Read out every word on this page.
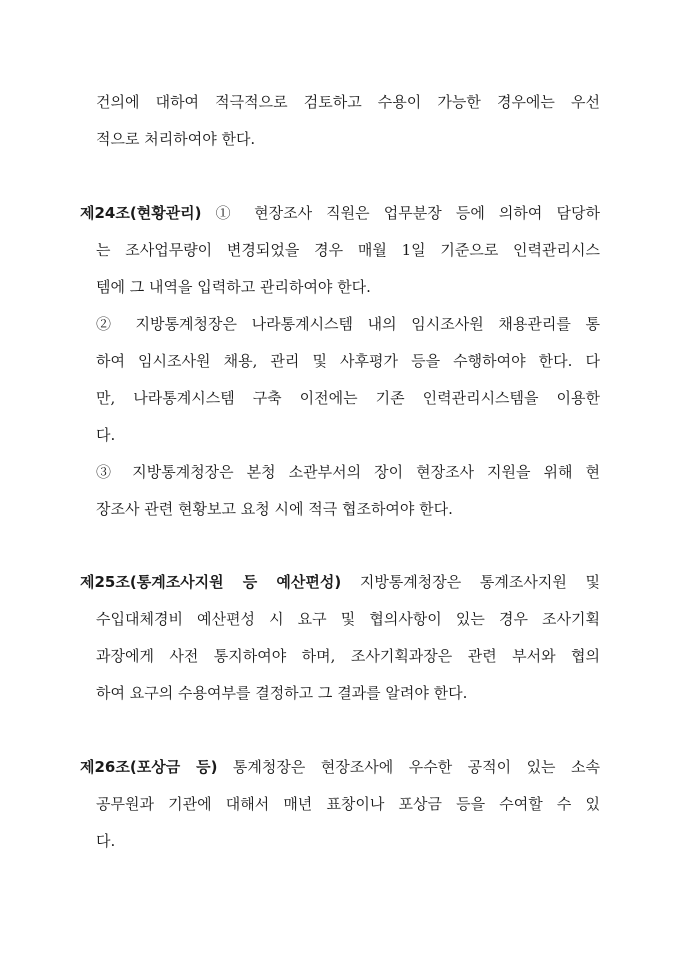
건의에 대하여 적극적으로 검토하고 수용이 가능한 경우에는 우선
적으로 처리하여야 한다.
제24조(현황관리) ① 현장조사 직원은 업무분장 등에 의하여 담당하
는 조사업무량이 변경되었을 경우 매월 1일 기준으로 인력관리시스
템에 그 내역을 입력하고 관리하여야 한다.
② 지방통계청장은 나라통계시스템 내의 임시조사원 채용관리를 통
하여 임시조사원 채용, 관리 및 사후평가 등을 수행하여야 한다. 다
만, 나라통계시스템 구축 이전에는 기존 인력관리시스템을 이용한
다.
③ 지방통계청장은 본청 소관부서의 장이 현장조사 지원을 위해 현
장조사 관련 현황보고 요청 시에 적극 협조하여야 한다.
제25조(통계조사지원 등 예산편성) 지방통계청장은 통계조사지원 및
수입대체경비 예산편성 시 요구 및 협의사항이 있는 경우 조사기획
과장에게 사전 통지하여야 하며, 조사기획과장은 관련 부서와 협의
하여 요구의 수용여부를 결정하고 그 결과를 알려야 한다.
제26조(포상금 등) 통계청장은 현장조사에 우수한 공적이 있는 소속
공무원과 기관에 대해서 매년 표창이나 포상금 등을 수여할 수 있
다.
